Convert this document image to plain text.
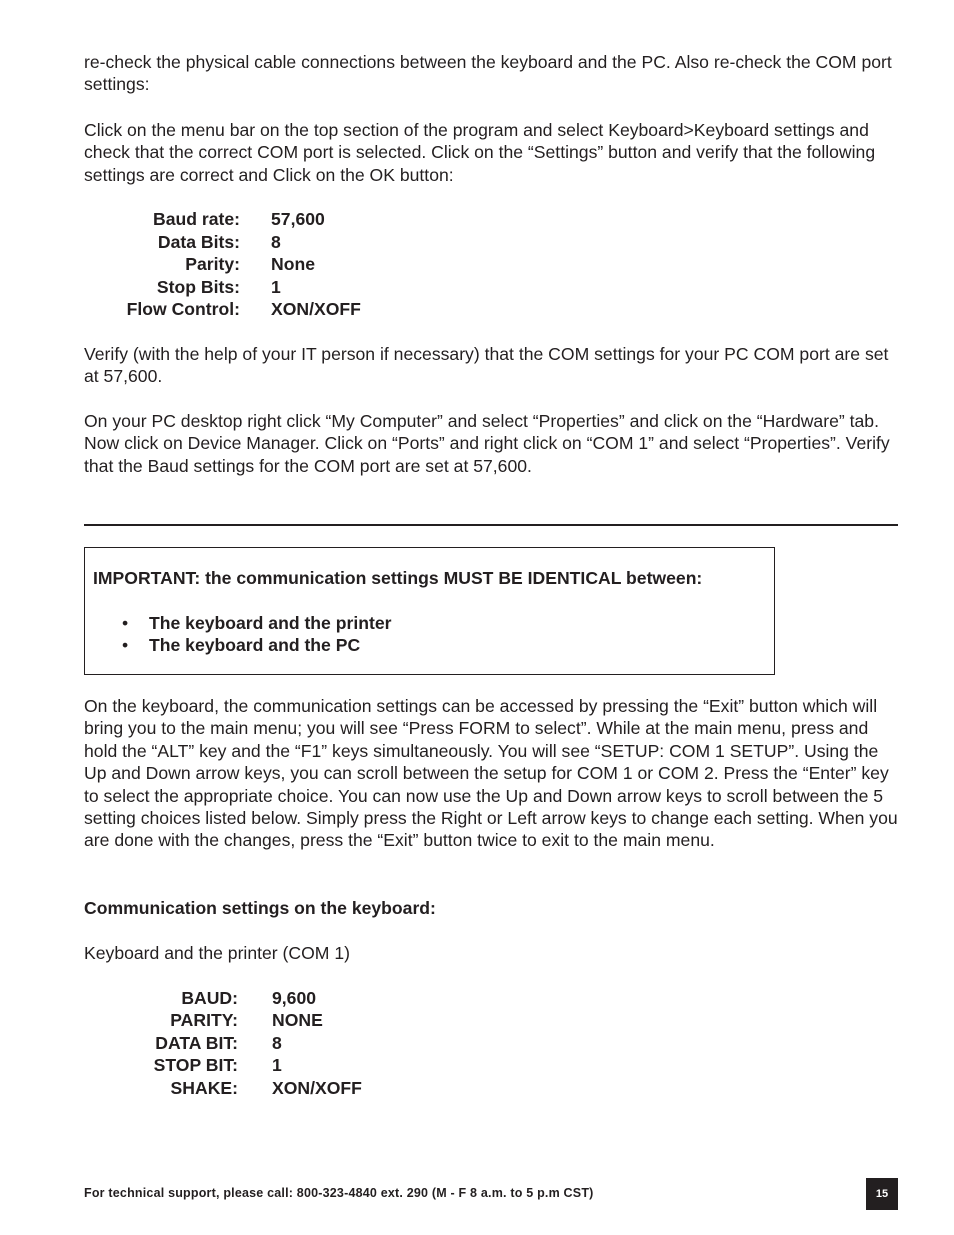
re-check the physical cable connections between the keyboard and the PC. Also re-check the COM port settings:
Click on the menu bar on the top section of the program and select Keyboard>Keyboard settings and check that the correct COM port is selected. Click on the “Settings” button and verify that the following settings are correct and Click on the OK button:
Baud rate: 57,600
Data Bits: 8
Parity: None
Stop Bits: 1
Flow Control: XON/XOFF
Verify (with the help of your IT person if necessary) that the COM settings for your PC COM port are set at 57,600.
On your PC desktop right click “My Computer” and select “Properties” and click on the “Hardware” tab. Now click on Device Manager. Click on “Ports” and right click on “COM 1” and select “Properties”. Verify that the Baud settings for the COM port are set at 57,600.
IMPORTANT: the communication settings MUST BE IDENTICAL between:
• The keyboard and the printer
• The keyboard and the PC
On the keyboard, the communication settings can be accessed by pressing the “Exit” button which will bring you to the main menu; you will see “Press FORM to select”. While at the main menu, press and hold the “ALT” key and the “F1” keys simultaneously. You will see “SETUP: COM 1 SETUP”. Using the Up and Down arrow keys, you can scroll between the setup for COM 1 or COM 2. Press the “Enter” key to select the appropriate choice. You can now use the Up and Down arrow keys to scroll between the 5 setting choices listed below. Simply press the Right or Left arrow keys to change each setting. When you are done with the changes, press the “Exit” button twice to exit to the main menu.
Communication settings on the keyboard:
Keyboard and the printer (COM 1)
BAUD: 9,600
PARITY: NONE
DATA BIT: 8
STOP BIT: 1
SHAKE: XON/XOFF
For technical support, please call: 800-323-4840 ext. 290 (M - F 8 a.m. to 5 p.m CST)	15
